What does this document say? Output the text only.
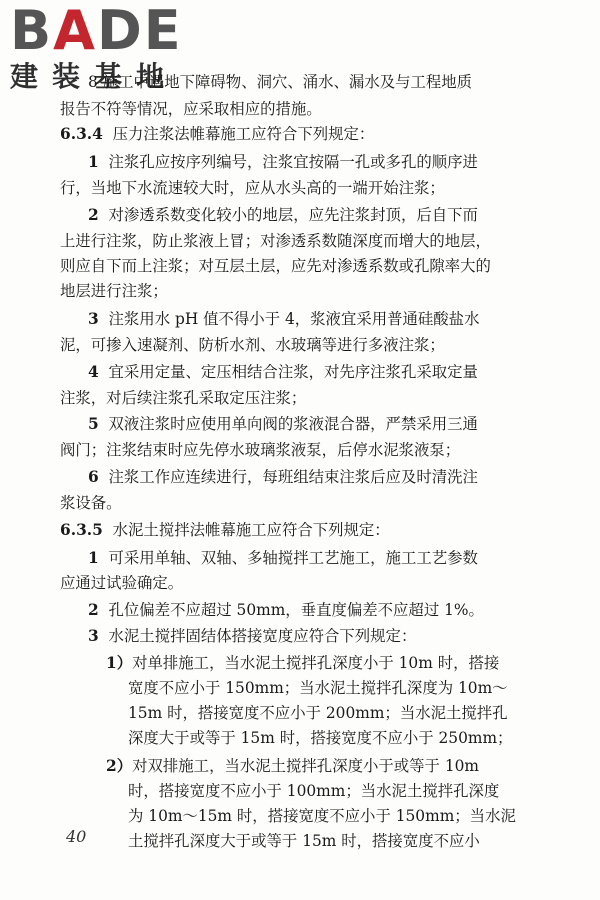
BADE
建装基地
8 施工中遇地下障碍物、洞穴、涌水、漏水及与工程地质
报告不符等情况，应采取相应的措施。
6.3.4 压力注浆法帷幕施工应符合下列规定：
1 注浆孔应按序列编号，注浆宜按隔一孔或多孔的顺序进
行，当地下水流速较大时，应从水头高的一端开始注浆；
2 对渗透系数变化较小的地层，应先注浆封顶，后自下而
上进行注浆，防止浆液上冒；对渗透系数随深度而增大的地层，
则应自下而上注浆；对互层土层，应先对渗透系数或孔隙率大的
地层进行注浆；
3 注浆用水 pH 值不得小于 4，浆液宜采用普通硅酸盐水
泥，可掺入速凝剂、防析水剂、水玻璃等进行多液注浆；
4 宜采用定量、定压相结合注浆，对先序注浆孔采取定量
注浆，对后续注浆孔采取定压注浆；
5 双液注浆时应使用单向阀的浆液混合器，严禁采用三通
阀门；注浆结束时应先停水玻璃浆液泵，后停水泥浆液泵；
6 注浆工作应连续进行，每班组结束注浆后应及时清洗注
浆设备。
6.3.5 水泥土搅拌法帷幕施工应符合下列规定：
1 可采用单轴、双轴、多轴搅拌工艺施工，施工工艺参数
应通过试验确定。
2 孔位偏差不应超过 50mm，垂直度偏差不应超过 1%。
3 水泥土搅拌固结体搭接宽度应符合下列规定：
1）对单排施工，当水泥土搅拌孔深度小于 10m 时，搭接
宽度不应小于 150mm；当水泥土搅拌孔深度为 10m～
15m 时，搭接宽度不应小于 200mm；当水泥土搅拌孔
深度大于或等于 15m 时，搭接宽度不应小于 250mm；
2）对双排施工，当水泥土搅拌孔深度小于或等于 10m
时，搭接宽度不应小于 100mm；当水泥土搅拌孔深度
为 10m～15m 时，搭接宽度不应小于 150mm；当水泥
土搅拌孔深度大于或等于 15m 时，搭接宽度不应小
40
